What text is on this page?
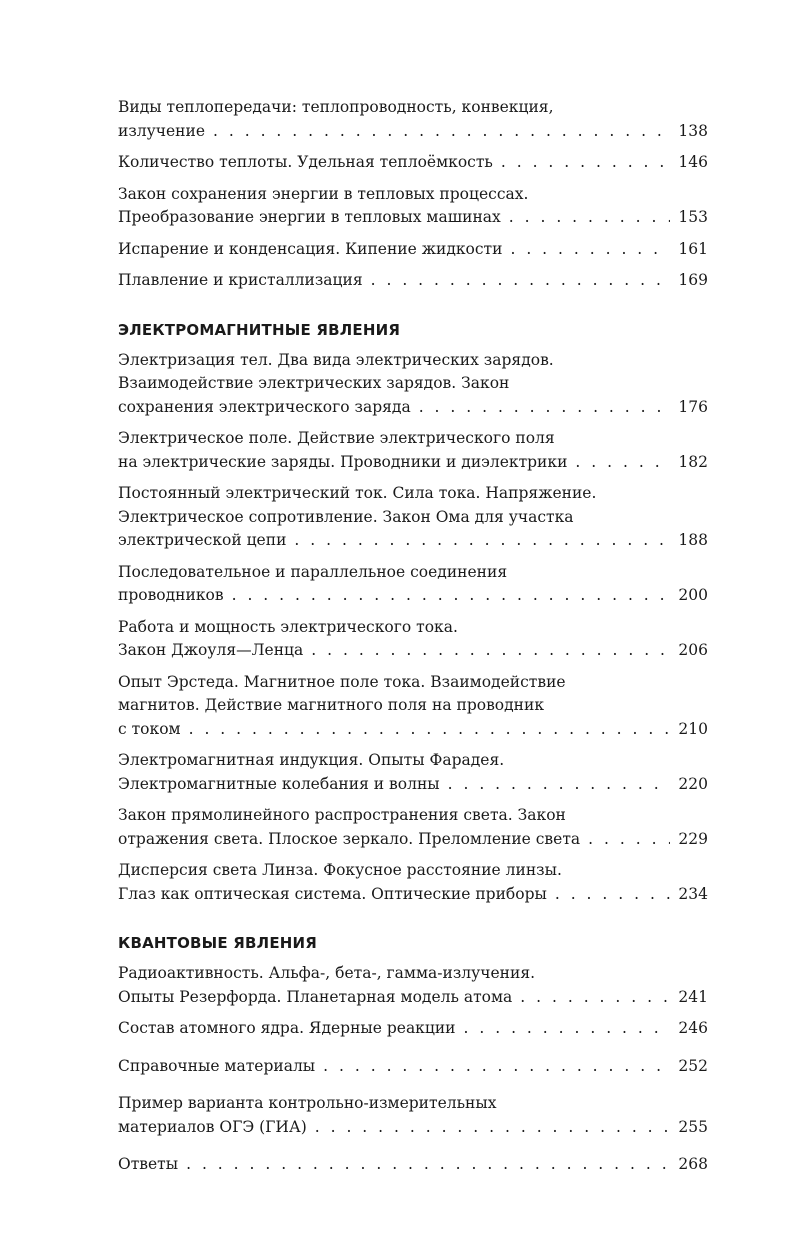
Виды теплопередачи: теплопроводность, конвекция,
излучение . . .	138
Количество теплоты. Удельная теплоёмкость . . .	146
Закон сохранения энергии в тепловых процессах.
Преобразование энергии в тепловых машинах . . .	153
Испарение и конденсация. Кипение жидкости . . .	161
Плавление и кристаллизация . . .	169
ЭЛЕКТРОМАГНИТНЫЕ ЯВЛЕНИЯ
Электризация тел. Два вида электрических зарядов.
Взаимодействие электрических зарядов. Закон
сохранения электрического заряда . . .	176
Электрическое поле. Действие электрического поля
на электрические заряды. Проводники и диэлектрики . . .	182
Постоянный электрический ток. Сила тока. Напряжение.
Электрическое сопротивление. Закон Ома для участка
электрической цепи . . .	188
Последовательное и параллельное соединения
проводников . . .	200
Работа и мощность электрического тока.
Закон Джоуля—Ленца . . .	206
Опыт Эрстеда. Магнитное поле тока. Взаимодействие
магнитов. Действие магнитного поля на проводник
с током . . .	210
Электромагнитная индукция. Опыты Фарадея.
Электромагнитные колебания и волны . . .	220
Закон прямолинейного распространения света. Закон
отражения света. Плоское зеркало. Преломление света . . .	229
Дисперсия света Линза. Фокусное расстояние линзы.
Глаз как оптическая система. Оптические приборы . . .	234
КВАНТОВЫЕ ЯВЛЕНИЯ
Радиоактивность. Альфа-, бета-, гамма-излучения.
Опыты Резерфорда. Планетарная модель атома . . .	241
Состав атомного ядра. Ядерные реакции . . .	246
Справочные материалы . . .	252
Пример варианта контрольно-измерительных
материалов ОГЭ (ГИА) . . .	255
Ответы . . .	268
